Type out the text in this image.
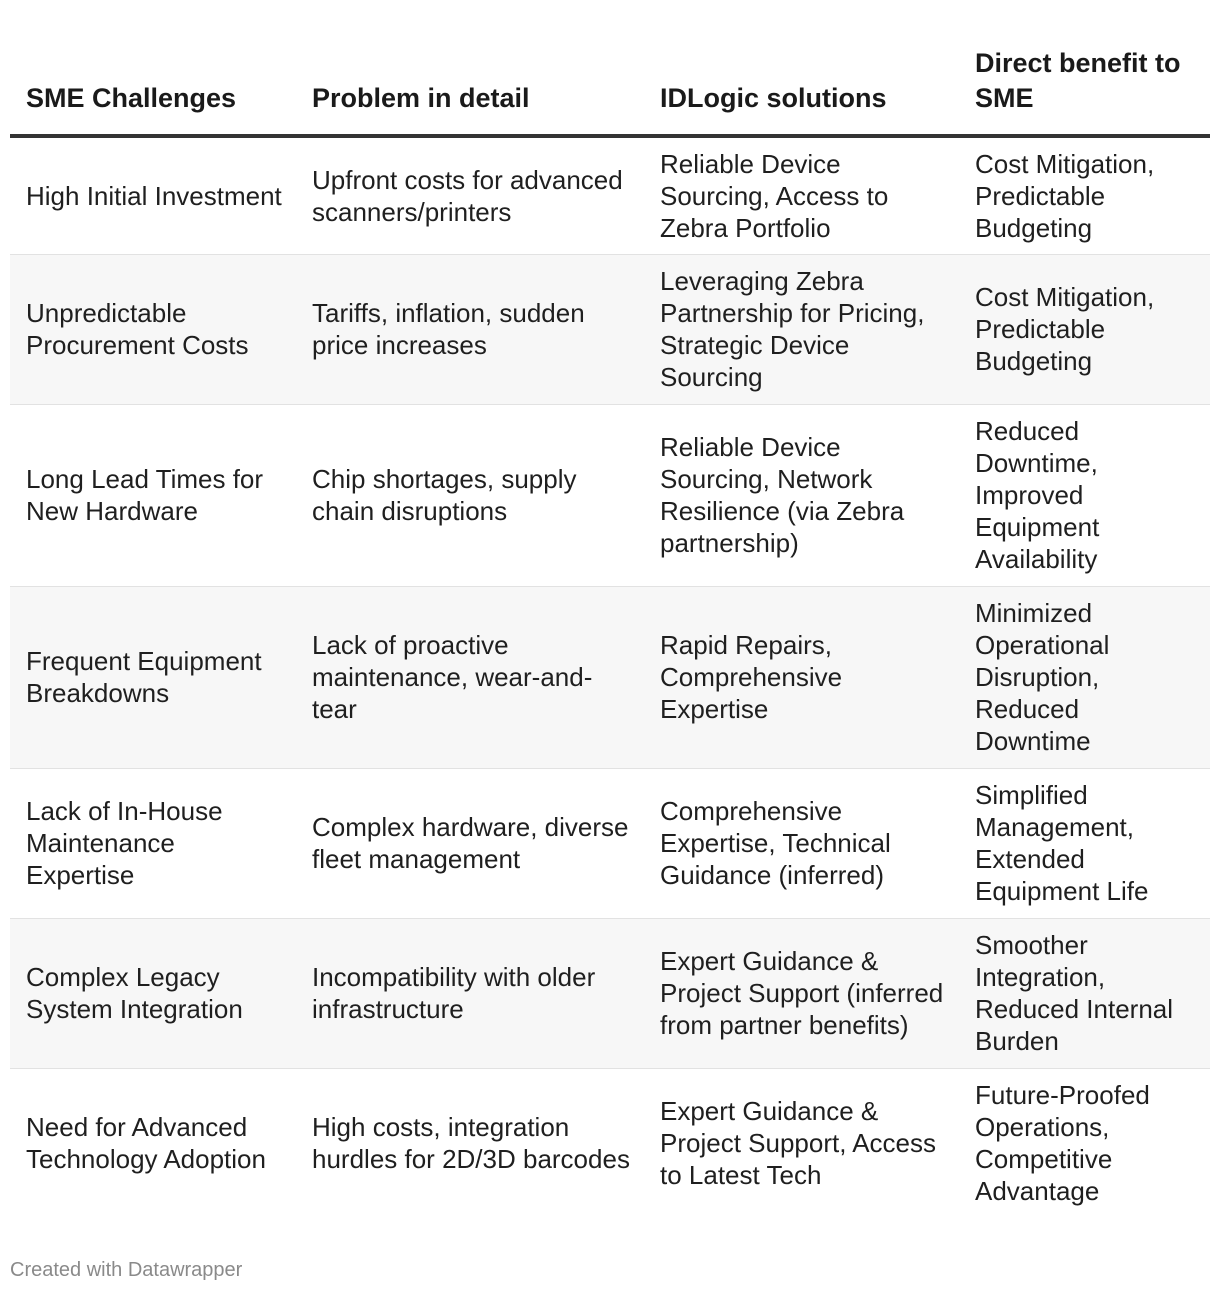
SME Challenges	Problem in detail	IDLogic solutions	Direct benefit to SME
High Initial Investment	Upfront costs for advanced scanners/printers	Reliable Device Sourcing, Access to Zebra Portfolio	Cost Mitigation, Predictable Budgeting
Unpredictable Procurement Costs	Tariffs, inflation, sudden price increases	Leveraging Zebra Partnership for Pricing, Strategic Device Sourcing	Cost Mitigation, Predictable Budgeting
Long Lead Times for New Hardware	Chip shortages, supply chain disruptions	Reliable Device Sourcing, Network Resilience (via Zebra partnership)	Reduced Downtime, Improved Equipment Availability
Frequent Equipment Breakdowns	Lack of proactive maintenance, wear-and-tear	Rapid Repairs, Comprehensive Expertise	Minimized Operational Disruption, Reduced Downtime
Lack of In-House Maintenance Expertise	Complex hardware, diverse fleet management	Comprehensive Expertise, Technical Guidance (inferred)	Simplified Management, Extended Equipment Life
Complex Legacy System Integration	Incompatibility with older infrastructure	Expert Guidance & Project Support (inferred from partner benefits)	Smoother Integration, Reduced Internal Burden
Need for Advanced Technology Adoption	High costs, integration hurdles for 2D/3D barcodes	Expert Guidance & Project Support, Access to Latest Tech	Future-Proofed Operations, Competitive Advantage
Created with Datawrapper
